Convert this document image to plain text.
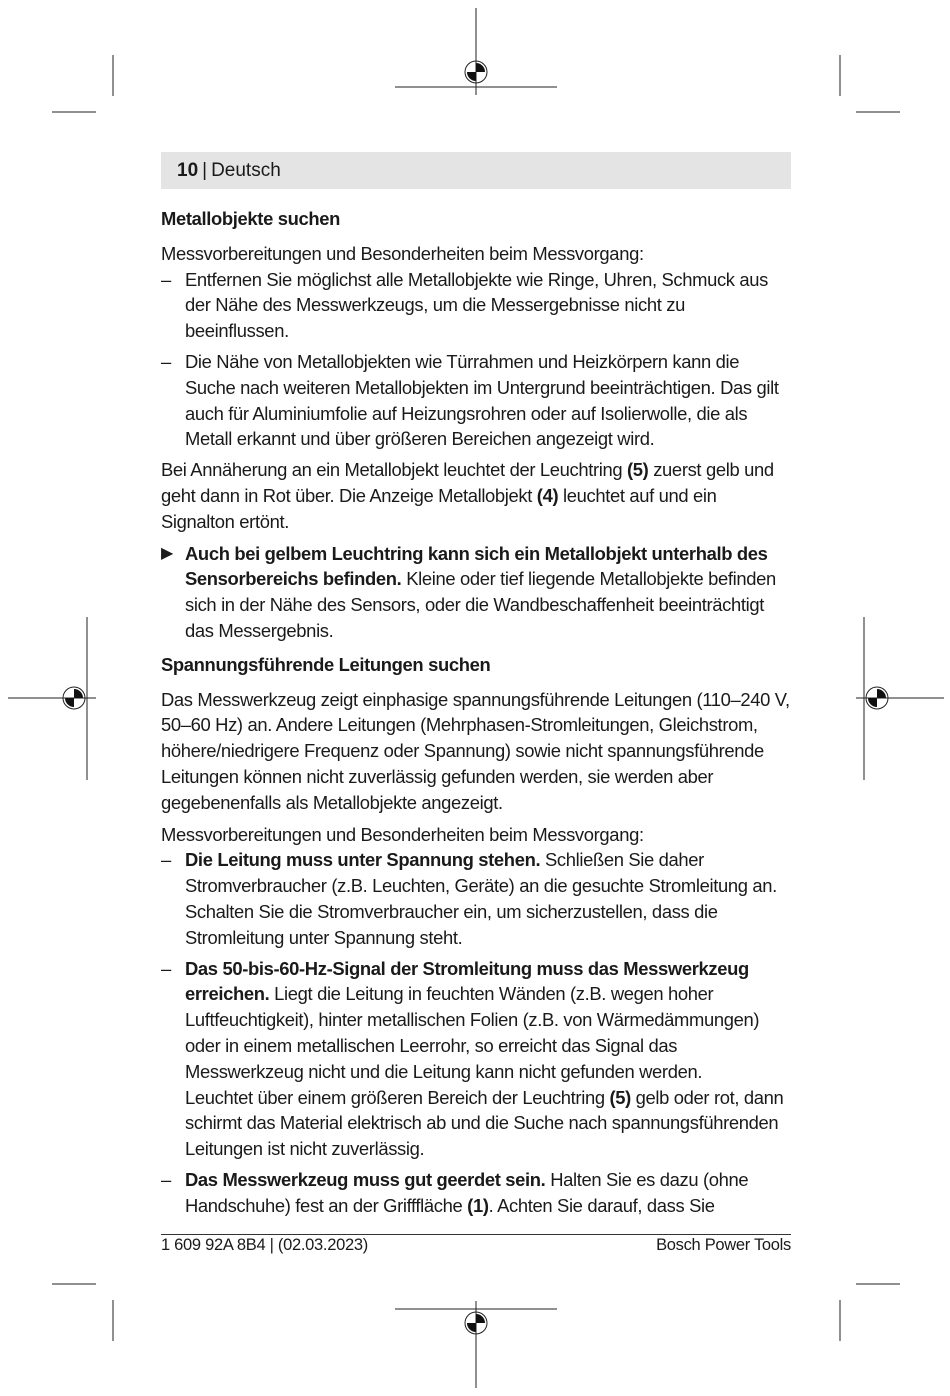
10 | Deutsch
Metallobjekte suchen

Messvorbereitungen und Besonderheiten beim Messvorgang:

– Entfernen Sie möglichst alle Metallobjekte wie Ringe, Uhren, Schmuck aus der Nähe des Messwerkzeugs, um die Messergebnisse nicht zu beeinflussen.
– Die Nähe von Metallobjekten wie Türrahmen und Heizkörpern kann die Suche nach weiteren Metallobjekten im Untergrund beeinträchtigen. Das gilt auch für Aluminiumfolie auf Heizungsrohren oder auf Isolierwolle, die als Metall erkannt und über größeren Bereichen angezeigt wird.

Bei Annäherung an ein Metallobjekt leuchtet der Leuchtring (5) zuerst gelb und geht dann in Rot über. Die Anzeige Metallobjekt (4) leuchtet auf und ein Signalton ertönt.

▶ Auch bei gelbem Leuchtring kann sich ein Metallobjekt unterhalb des Sensorbereichs befinden. Kleine oder tief liegende Metallobjekte befinden sich in der Nähe des Sensors, oder die Wandbeschaffenheit beeinträchtigt das Messergebnis.
Spannungsführende Leitungen suchen

Das Messwerkzeug zeigt einphasige spannungsführende Leitungen (110–240 V, 50–60 Hz) an. Andere Leitungen (Mehrphasen-Stromleitungen, Gleichstrom, höhere/niedrigere Frequenz oder Spannung) sowie nicht spannungsführende Leitungen können nicht zuverlässig gefunden werden, sie werden aber gegebenenfalls als Metallobjekte angezeigt.

Messvorbereitungen und Besonderheiten beim Messvorgang:

– Die Leitung muss unter Spannung stehen. Schließen Sie daher Stromverbraucher (z.B. Leuchten, Geräte) an die gesuchte Stromleitung an. Schalten Sie die Stromverbraucher ein, um sicherzustellen, dass die Stromleitung unter Spannung steht.
– Das 50-bis-60-Hz-Signal der Stromleitung muss das Messwerkzeug erreichen. Liegt die Leitung in feuchten Wänden (z.B. wegen hoher Luftfeuchtigkeit), hinter metallischen Folien (z.B. von Wärmedämmungen) oder in einem metallischen Leerrohr, so erreicht das Signal das Messwerkzeug nicht und die Leitung kann nicht gefunden werden.
Leuchtet über einem größeren Bereich der Leuchtring (5) gelb oder rot, dann schirmt das Material elektrisch ab und die Suche nach spannungsführenden Leitungen ist nicht zuverlässig.
– Das Messwerkzeug muss gut geerdet sein. Halten Sie es dazu (ohne Handschuhe) fest an der Grifffläche (1). Achten Sie darauf, dass Sie
1 609 92A 8B4 | (02.03.2023)	Bosch Power Tools
